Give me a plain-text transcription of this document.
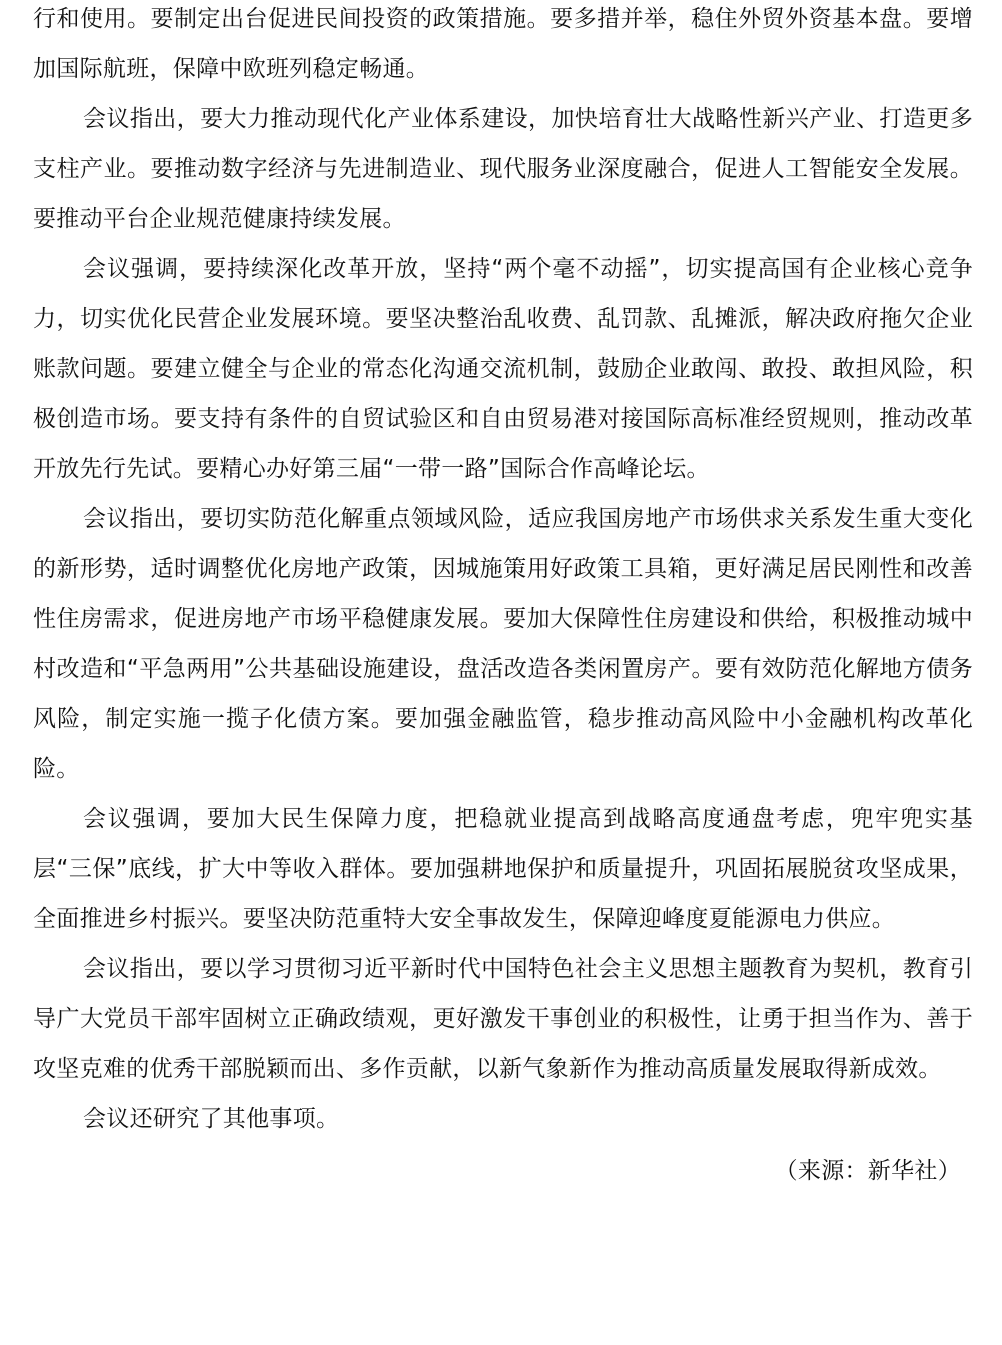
行和使用。要制定出台促进民间投资的政策措施。要多措并举，稳住外贸外资基本盘。要增加国际航班，保障中欧班列稳定畅通。

会议指出，要大力推动现代化产业体系建设，加快培育壮大战略性新兴产业、打造更多支柱产业。要推动数字经济与先进制造业、现代服务业深度融合，促进人工智能安全发展。要推动平台企业规范健康持续发展。

会议强调，要持续深化改革开放，坚持“两个毫不动摇”，切实提高国有企业核心竞争力，切实优化民营企业发展环境。要坚决整治乱收费、乱罚款、乱摊派，解决政府拖欠企业账款问题。要建立健全与企业的常态化沟通交流机制，鼓励企业敢闯、敢投、敢担风险，积极创造市场。要支持有条件的自贸试验区和自由贸易港对接国际高标准经贸规则，推动改革开放先行先试。要精心办好第三届“一带一路”国际合作高峰论坛。

会议指出，要切实防范化解重点领域风险，适应我国房地产市场供求关系发生重大变化的新形势，适时调整优化房地产政策，因城施策用好政策工具箱，更好满足居民刚性和改善性住房需求，促进房地产市场平稳健康发展。要加大保障性住房建设和供给，积极推动城中村改造和“平急两用”公共基础设施建设，盘活改造各类闲置房产。要有效防范化解地方债务风险，制定实施一揽子化债方案。要加强金融监管，稳步推动高风险中小金融机构改革化险。

会议强调，要加大民生保障力度，把稳就业提高到战略高度通盘考虑，兜牢兜实基层“三保”底线，扩大中等收入群体。要加强耕地保护和质量提升，巩固拓展脱贫攻坚成果，全面推进乡村振兴。要坚决防范重特大安全事故发生，保障迎峰度夏能源电力供应。

会议指出，要以学习贯彻习近平新时代中国特色社会主义思想主题教育为契机，教育引导广大党员干部牢固树立正确政绩观，更好激发干事创业的积极性，让勇于担当作为、善于攻坚克难的优秀干部脱颖而出、多作贡献，以新气象新作为推动高质量发展取得新成效。

会议还研究了其他事项。

（来源：新华社）
